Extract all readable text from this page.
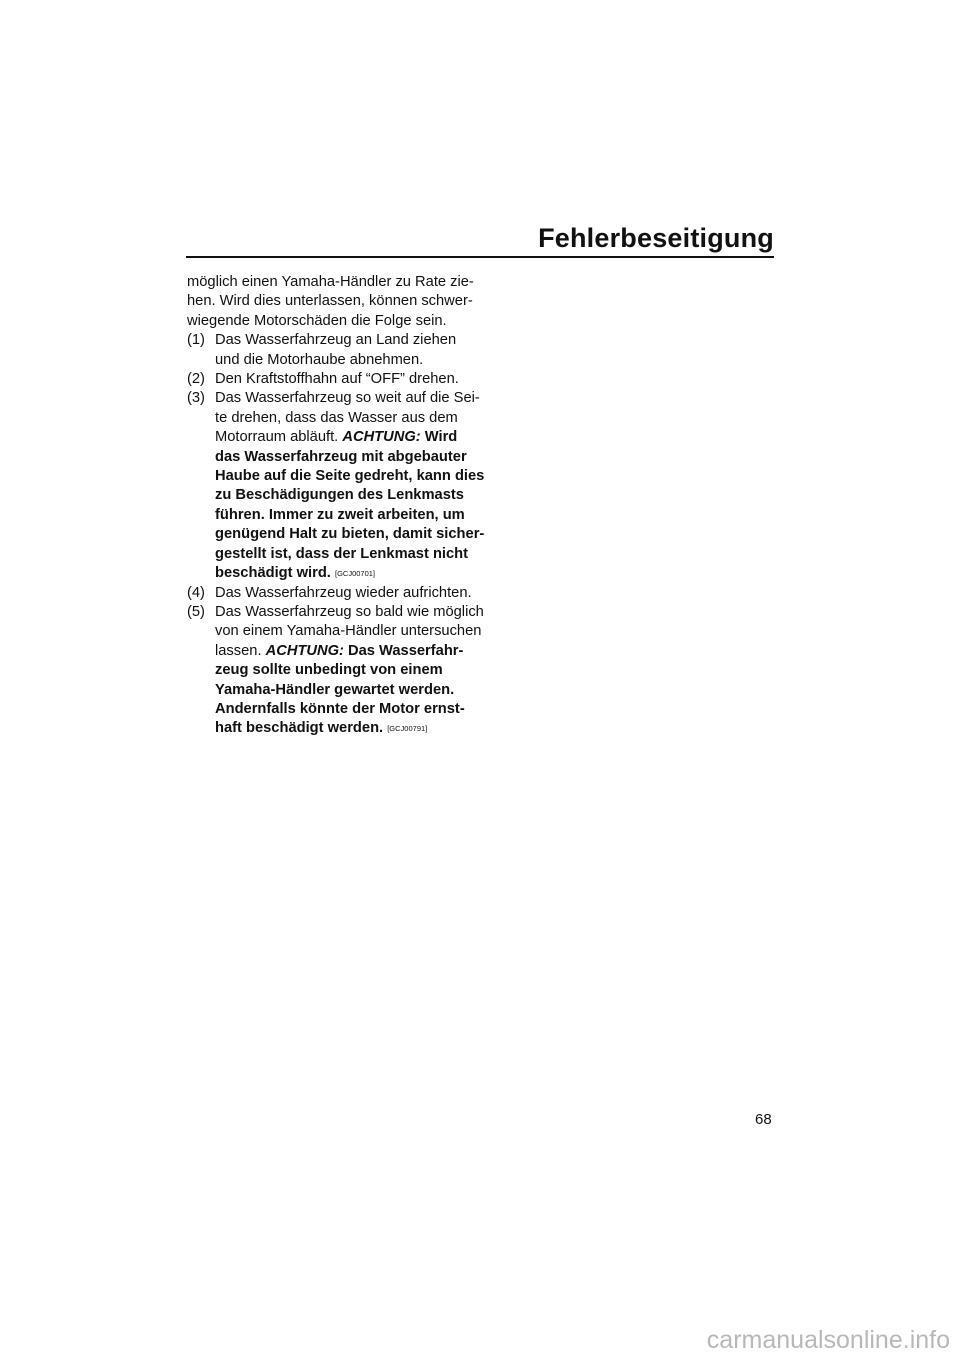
Fehlerbeseitigung

möglich einen Yamaha-Händler zu Rate zie-
hen. Wird dies unterlassen, können schwer-
wiegende Motorschäden die Folge sein.

(1) Das Wasserfahrzeug an Land ziehen
und die Motorhaube abnehmen.
(2) Den Kraftstoffhahn auf “OFF” drehen.
(3) Das Wasserfahrzeug so weit auf die Sei-
te drehen, dass das Wasser aus dem
Motorraum abläuft. ACHTUNG: Wird
das Wasserfahrzeug mit abgebauter
Haube auf die Seite gedreht, kann dies
zu Beschädigungen des Lenkmasts
führen. Immer zu zweit arbeiten, um
genügend Halt zu bieten, damit sicher-
gestellt ist, dass der Lenkmast nicht
beschädigt wird. [GCJ00701]
(4) Das Wasserfahrzeug wieder aufrichten.
(5) Das Wasserfahrzeug so bald wie möglich
von einem Yamaha-Händler untersuchen
lassen. ACHTUNG: Das Wasserfahr-
zeug sollte unbedingt von einem
Yamaha-Händler gewartet werden.
Andernfalls könnte der Motor ernst-
haft beschädigt werden. [GCJ00791]
68
carmanualsonline.info
